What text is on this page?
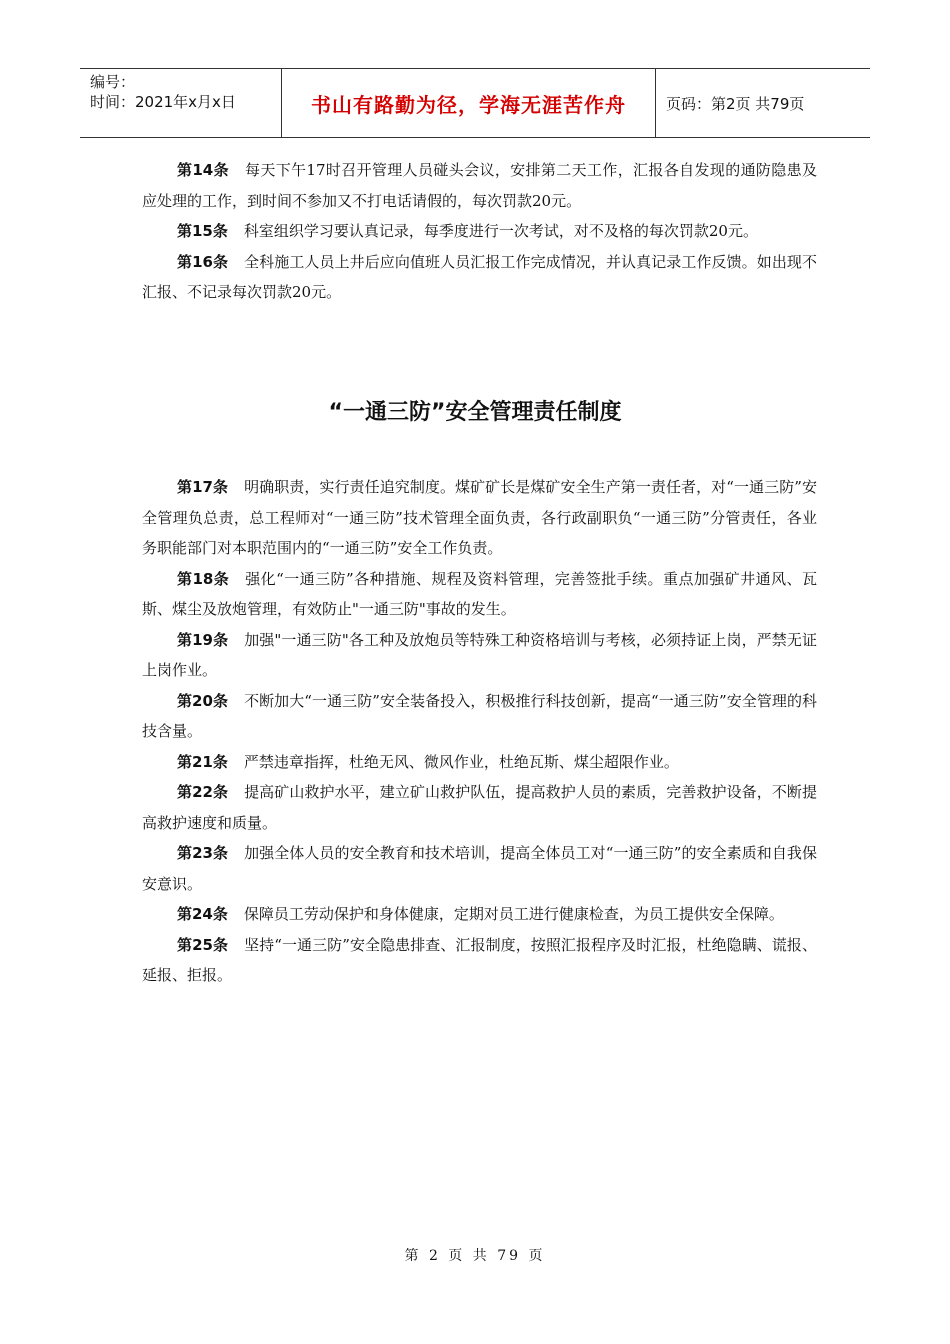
编号：
时间：2021年x月x日	书山有路勤为径，学海无涯苦作舟	页码：第2页 共79页

第14条 每天下午17时召开管理人员碰头会议，安排第二天工作，汇报各自发现的通防隐患及应处理的工作，到时间不参加又不打电话请假的，每次罚款20元。

第15条 科室组织学习要认真记录，每季度进行一次考试，对不及格的每次罚款20元。

第16条 全科施工人员上井后应向值班人员汇报工作完成情况，并认真记录工作反馈。如出现不汇报、不记录每次罚款20元。

“一通三防”安全管理责任制度

第17条 明确职责，实行责任追究制度。煤矿矿长是煤矿安全生产第一责任者，对“一通三防”安全管理负总责，总工程师对“一通三防”技术管理全面负责，各行政副职负“一通三防”分管责任，各业务职能部门对本职范围内的“一通三防”安全工作负责。

第18条 强化“一通三防”各种措施、规程及资料管理，完善签批手续。重点加强矿井通风、瓦斯、煤尘及放炮管理，有效防止"一通三防"事故的发生。

第19条 加强"一通三防"各工种及放炮员等特殊工种资格培训与考核，必须持证上岗，严禁无证上岗作业。

第20条 不断加大“一通三防”安全装备投入，积极推行科技创新，提高“一通三防”安全管理的科技含量。

第21条 严禁违章指挥，杜绝无风、微风作业，杜绝瓦斯、煤尘超限作业。

第22条 提高矿山救护水平，建立矿山救护队伍，提高救护人员的素质，完善救护设备，不断提高救护速度和质量。

第23条 加强全体人员的安全教育和技术培训，提高全体员工对“一通三防”的安全素质和自我保安意识。

第24条 保障员工劳动保护和身体健康，定期对员工进行健康检查，为员工提供安全保障。

第25条 坚持“一通三防”安全隐患排查、汇报制度，按照汇报程序及时汇报，杜绝隐瞒、谎报、延报、拒报。

第 2 页 共 79 页
